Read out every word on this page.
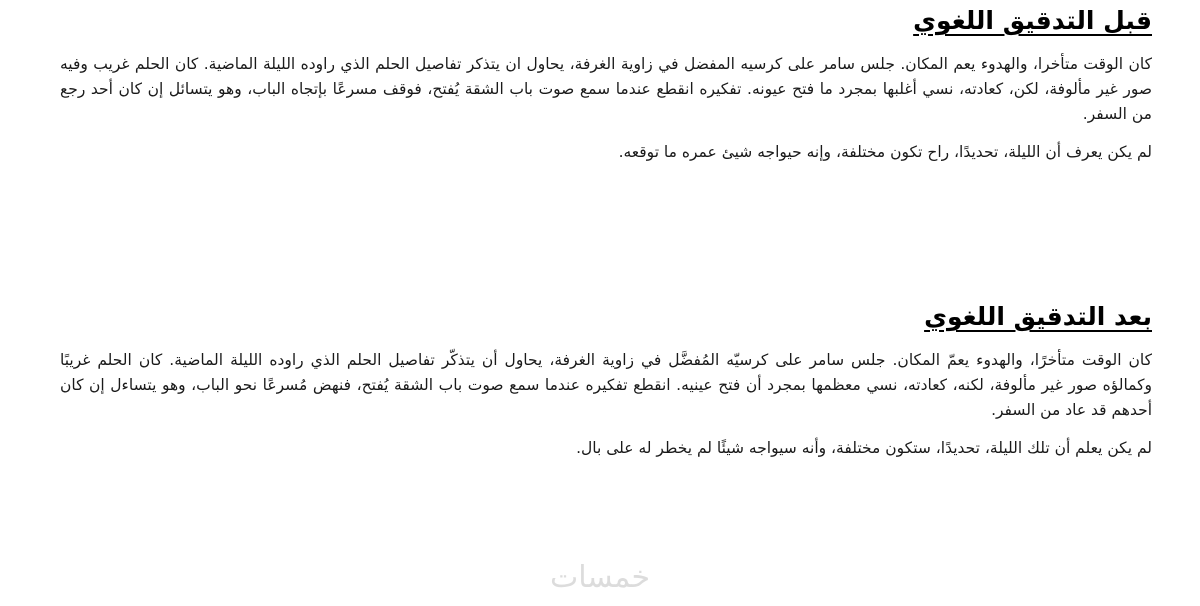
قبل التدقيق اللغوي

كان الوقت متأخرا، والهدوء يعم المكان. جلس سامر على كرسيه المفضل في زاوية الغرفة، يحاول ان يتذكر تفاصيل الحلم الذي راوده الليلة الماضية. كان الحلم غريب وفيه صور غير مألوفة، لكن، كعادته، نسي أغلبها بمجرد ما فتح عيونه. تفكيره انقطع عندما سمع صوت باب الشقة يُفتح، فوقف مسرعًا بإتجاه الباب، وهو يتسائل إن كان أحد رجع من السفر.

لم يكن يعرف أن الليلة، تحديدًا، راح تكون مختلفة، وإنه حيواجه شيئ عمره ما توقعه.

بعد التدقيق اللغوي

كان الوقت متأخرًا، والهدوء يعمّ المكان. جلس سامر على كرسيّه المُفضَّل في زاوية الغرفة، يحاول أن يتذكّر تفاصيل الحلم الذي راوده الليلة الماضية. كان الحلم غريبًا وكمالؤه صور غير مألوفة، لكنه، كعادته، نسي معظمها بمجرد أن فتح عينيه. انقطع تفكيره عندما سمع صوت باب الشقة يُفتح، فنهض مُسرعًا نحو الباب، وهو يتساءل إن كان أحدهم قد عاد من السفر.

لم يكن يعلم أن تلك الليلة، تحديدًا، ستكون مختلفة، وأنه سيواجه شيئًا لم يخطر له على بال.

خمسات
